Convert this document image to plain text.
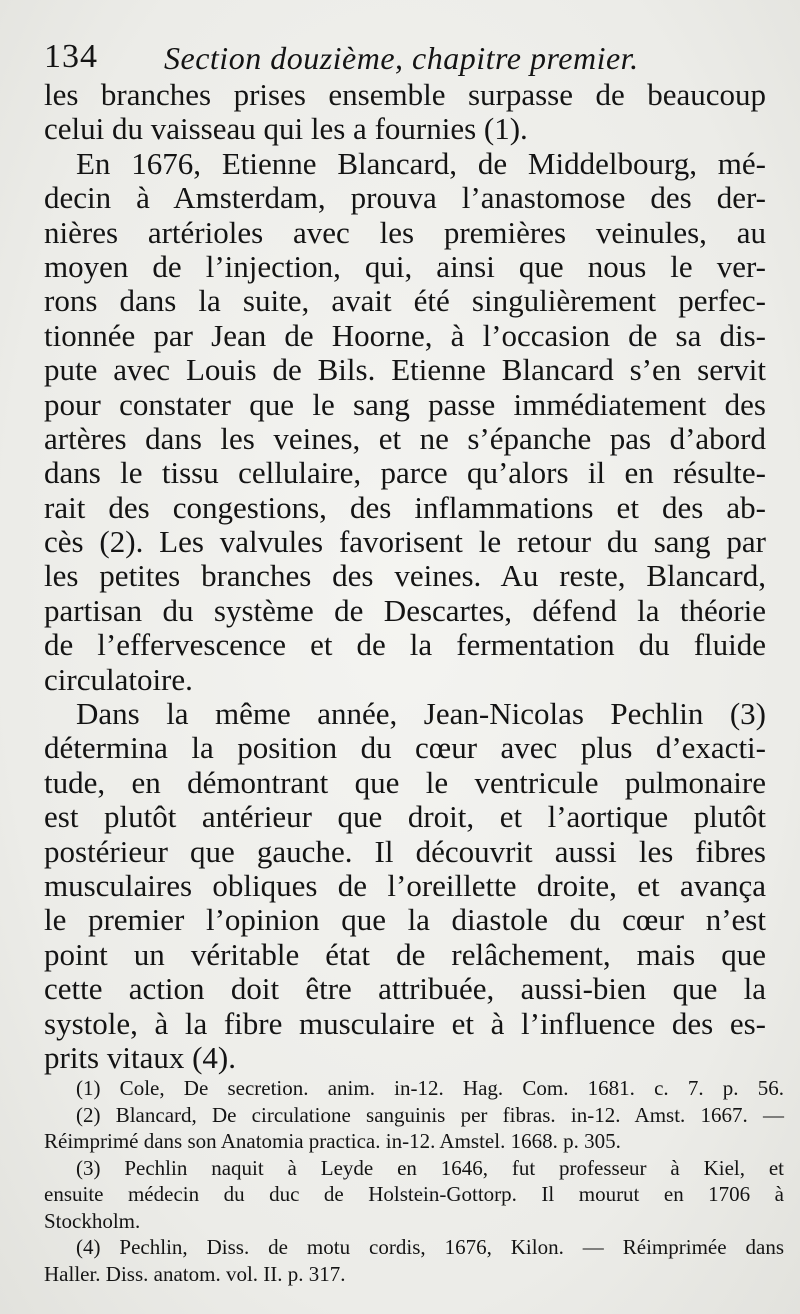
134 Section douzième, chapitre premier.
les branches prises ensemble surpasse de beaucoup
celui du vaisseau qui les a fournies (1).
En 1676, Etienne Blancard, de Middelbourg, mé-
decin à Amsterdam, prouva l’anastomose des der-
nières artérioles avec les premières veinules, au
moyen de l’injection, qui, ainsi que nous le ver-
rons dans la suite, avait été singulièrement perfec-
tionnée par Jean de Hoorne, à l’occasion de sa dis-
pute avec Louis de Bils. Etienne Blancard s’en servit
pour constater que le sang passe immédiatement des
artères dans les veines, et ne s’épanche pas d’abord
dans le tissu cellulaire, parce qu’alors il en résulte-
rait des congestions, des inflammations et des ab-
cès (2). Les valvules favorisent le retour du sang par
les petites branches des veines. Au reste, Blancard,
partisan du système de Descartes, défend la théorie
de l’effervescence et de la fermentation du fluide
circulatoire.
Dans la même année, Jean-Nicolas Pechlin (3)
détermina la position du cœur avec plus d’exacti-
tude, en démontrant que le ventricule pulmonaire
est plutôt antérieur que droit, et l’aortique plutôt
postérieur que gauche. Il découvrit aussi les fibres
musculaires obliques de l’oreillette droite, et avança
le premier l’opinion que la diastole du cœur n’est
point un véritable état de relâchement, mais que
cette action doit être attribuée, aussi-bien que la
systole, à la fibre musculaire et à l’influence des es-
prits vitaux (4).
(1) Cole, De secretion. anim. in-12. Hag. Com. 1681. c. 7. p. 56.
(2) Blancard, De circulatione sanguinis per fibras. in-12. Amst. 1667. —
Réimprimé dans son Anatomia practica. in-12. Amstel. 1668. p. 305.
(3) Pechlin naquit à Leyde en 1646, fut professeur à Kiel, et
ensuite médecin du duc de Holstein-Gottorp. Il mourut en 1706 à
Stockholm.
(4) Pechlin, Diss. de motu cordis, 1676, Kilon. — Réimprimée dans
Haller. Diss. anatom. vol. II. p. 317.
